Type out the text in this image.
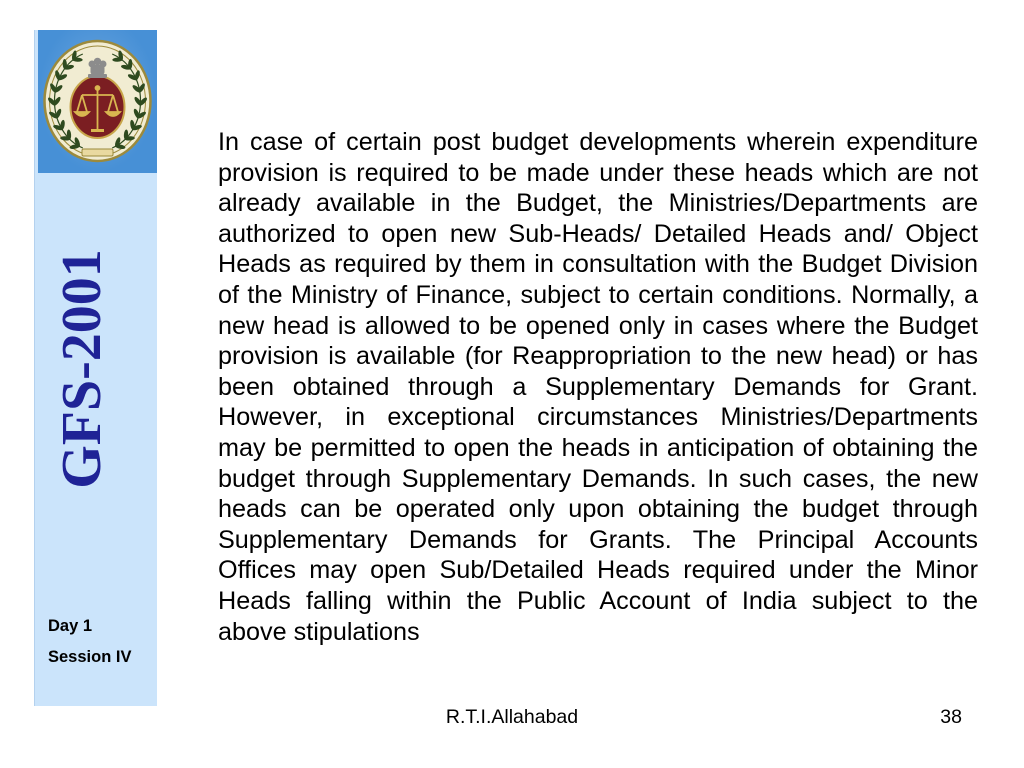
GFS-2001
Day 1
Session IV
In case of certain post budget developments wherein expenditure
provision is required to be made under these heads which are not
already available in the Budget, the Ministries/Departments are
authorized to open new Sub-Heads/ Detailed Heads and/ Object
Heads as required by them in consultation with the Budget Division
of the Ministry of Finance, subject to certain conditions. Normally, a
new head is allowed to be opened only in cases where the Budget
provision is available (for Reappropriation to the new head) or has
been obtained through a Supplementary Demands for Grant.
However, in exceptional circumstances Ministries/Departments
may be permitted to open the heads in anticipation of obtaining the
budget through Supplementary Demands. In such cases, the new
heads can be operated only upon obtaining the budget through
Supplementary Demands for Grants. The Principal Accounts
Offices may open Sub/Detailed Heads required under the Minor
Heads falling within the Public Account of India subject to the
above stipulations
R.T.I.Allahabad	38
